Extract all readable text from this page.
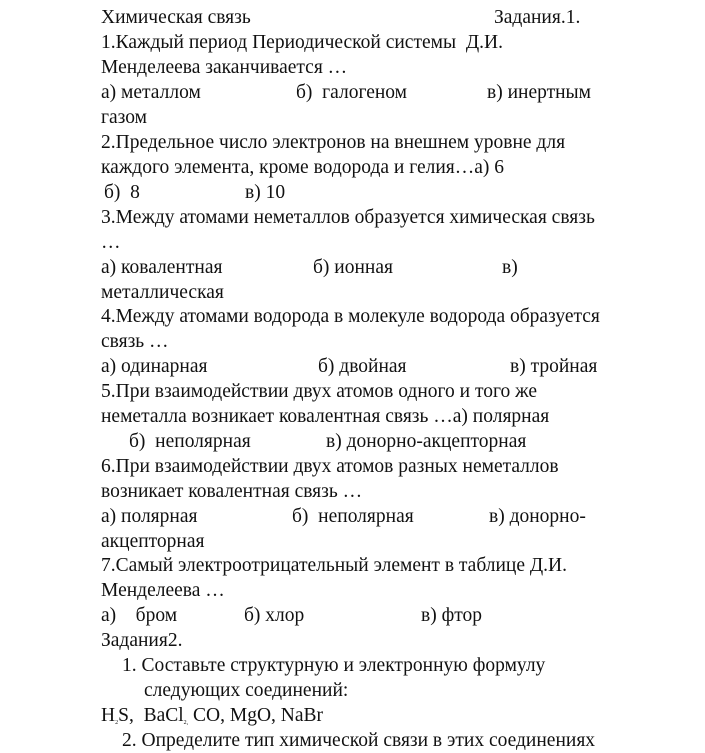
Химическая связь	Задания.1.
1.Каждый период Периодической системы  Д.И.
Менделеева заканчивается …
а) металлом	б)  галогеном	в) инертным
газом
2.Предельное число электронов на внешнем уровне для
каждого элемента, кроме водорода и гелия…а) 6
б)  8	в) 10
3.Между атомами неметаллов образуется химическая связь
…
а) ковалентная	б) ионная	в)
металлическая
4.Между атомами водорода в молекуле водорода образуется
связь …
а) одинарная	б) двойная	в) тройная
5.При взаимодействии двух атомов одного и того же
неметалла возникает ковалентная связь …а) полярная
б)  неполярная	в) донорно-акцепторная
6.При взаимодействии двух атомов разных неметаллов
возникает ковалентная связь …
а) полярная	б)  неполярная	в) донорно-
акцепторная
7.Самый электроотрицательный элемент в таблице Д.И.
Менделеева …
а)    бром	б) хлор	в) фтор
Задания2.
1. Составьте структурную и электронную формулу
следующих соединений:
$H_2S$,  BaCl$_{2,}$ CO, MgO, NaBr
2. Определите тип химической связи в этих соединениях
